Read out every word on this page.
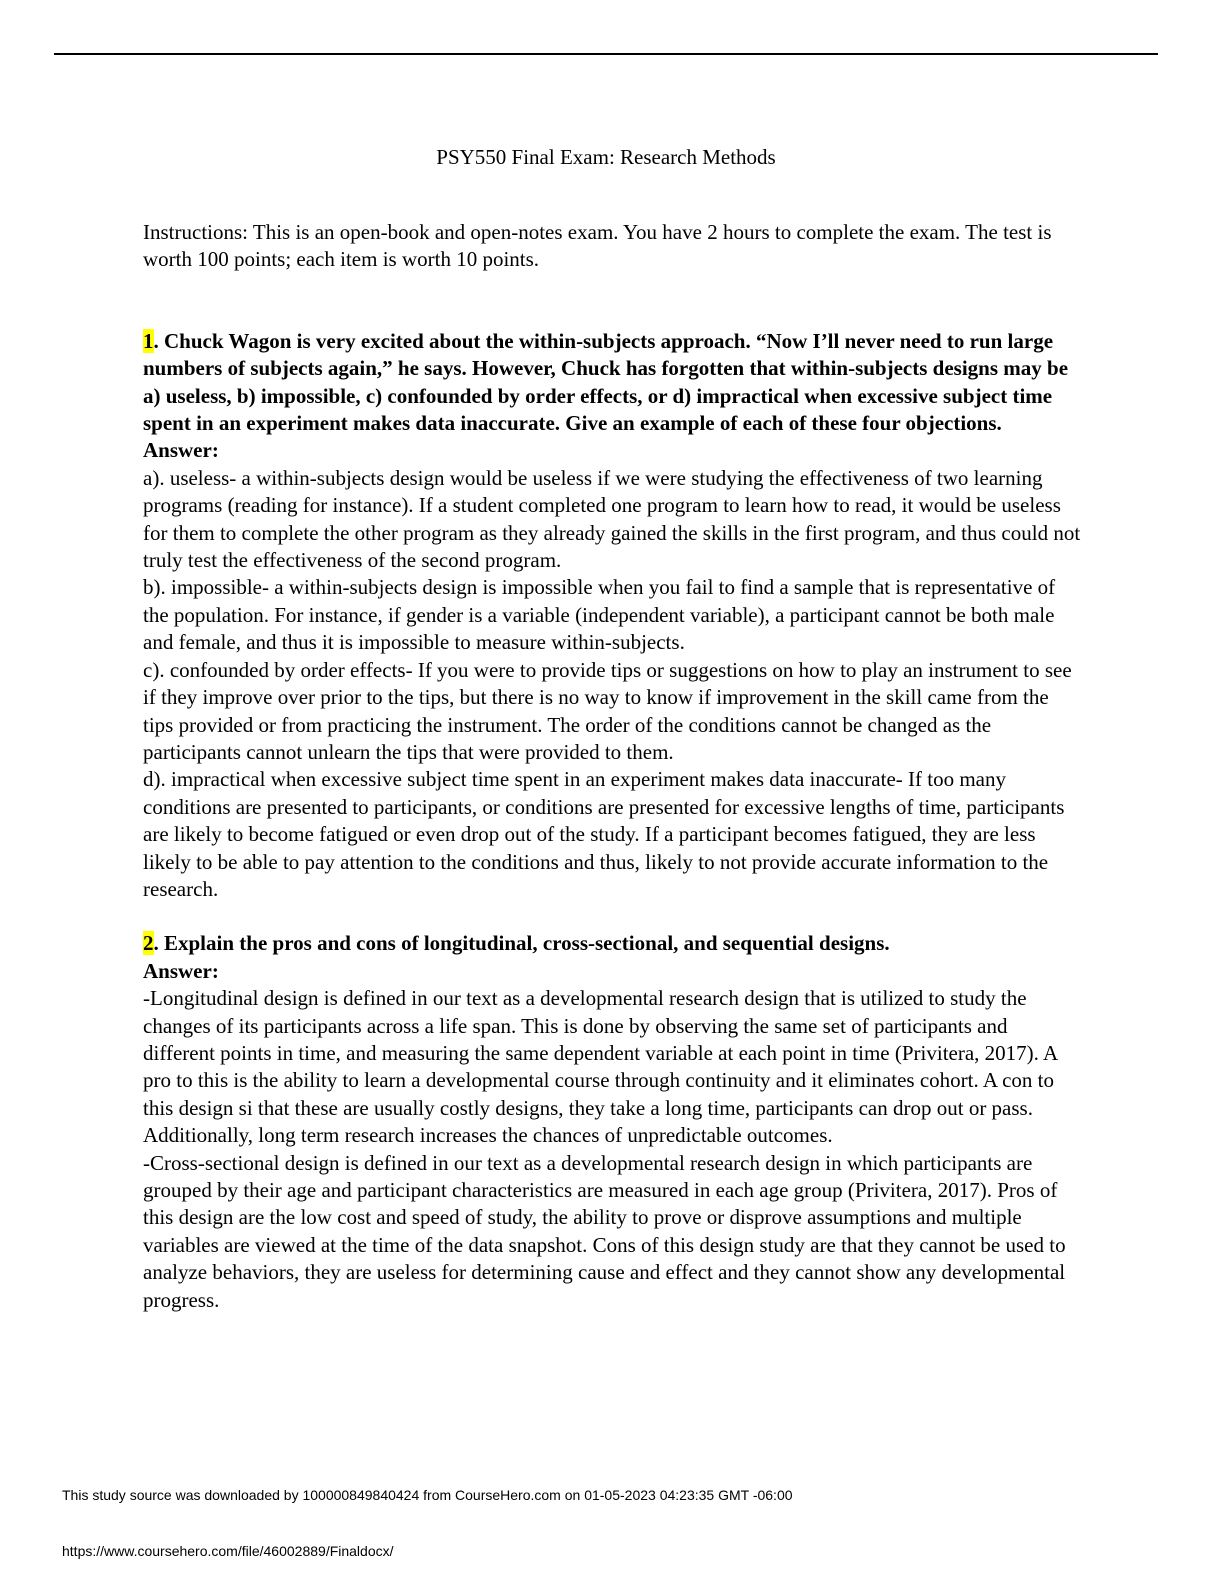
PSY550 Final Exam: Research Methods

Instructions: This is an open-book and open-notes exam. You have 2 hours to complete the exam. The test is worth 100 points; each item is worth 10 points.

1. Chuck Wagon is very excited about the within-subjects approach. “Now I’ll never need to run large numbers of subjects again,” he says. However, Chuck has forgotten that within-subjects designs may be a) useless, b) impossible, c) confounded by order effects, or d) impractical when excessive subject time spent in an experiment makes data inaccurate. Give an example of each of these four objections.

Answer:

a). useless- a within-subjects design would be useless if we were studying the effectiveness of two learning programs (reading for instance). If a student completed one program to learn how to read, it would be useless for them to complete the other program as they already gained the skills in the first program, and thus could not truly test the effectiveness of the second program.

b). impossible- a within-subjects design is impossible when you fail to find a sample that is representative of the population. For instance, if gender is a variable (independent variable), a participant cannot be both male and female, and thus it is impossible to measure within-subjects.

c). confounded by order effects- If you were to provide tips or suggestions on how to play an instrument to see if they improve over prior to the tips, but there is no way to know if improvement in the skill came from the tips provided or from practicing the instrument. The order of the conditions cannot be changed as the participants cannot unlearn the tips that were provided to them.

d). impractical when excessive subject time spent in an experiment makes data inaccurate- If too many conditions are presented to participants, or conditions are presented for excessive lengths of time, participants are likely to become fatigued or even drop out of the study. If a participant becomes fatigued, they are less likely to be able to pay attention to the conditions and thus, likely to not provide accurate information to the research.

2. Explain the pros and cons of longitudinal, cross-sectional, and sequential designs.

Answer:

-Longitudinal design is defined in our text as a developmental research design that is utilized to study the changes of its participants across a life span. This is done by observing the same set of participants and different points in time, and measuring the same dependent variable at each point in time (Privitera, 2017). A pro to this is the ability to learn a developmental course through continuity and it eliminates cohort. A con to this design si that these are usually costly designs, they take a long time, participants can drop out or pass. Additionally, long term research increases the chances of unpredictable outcomes.

-Cross-sectional design is defined in our text as a developmental research design in which participants are grouped by their age and participant characteristics are measured in each age group (Privitera, 2017). Pros of this design are the low cost and speed of study, the ability to prove or disprove assumptions and multiple variables are viewed at the time of the data snapshot. Cons of this design study are that they cannot be used to analyze behaviors, they are useless for determining cause and effect and they cannot show any developmental progress.

This study source was downloaded by 100000849840424 from CourseHero.com on 01-05-2023 04:23:35 GMT -06:00
https://www.coursehero.com/file/46002889/Finaldocx/
